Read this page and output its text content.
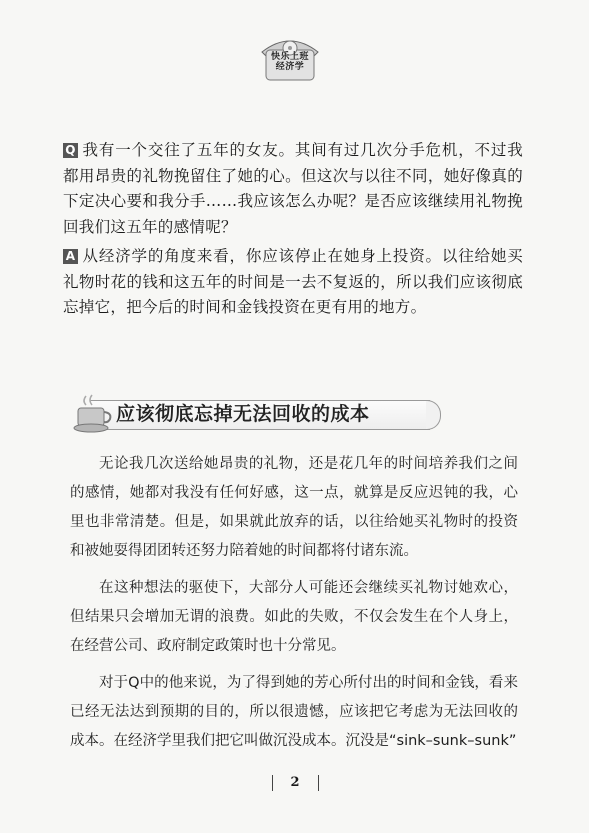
快乐上班
经济学

Q 我有一个交往了五年的女友。其间有过几次分手危机，不过我都用昂贵的礼物挽留住了她的心。但这次与以往不同，她好像真的下定决心要和我分手……我应该怎么办呢？是否应该继续用礼物挽回我们这五年的感情呢？

A 从经济学的角度来看，你应该停止在她身上投资。以往给她买礼物时花的钱和这五年的时间是一去不复返的，所以我们应该彻底忘掉它，把今后的时间和金钱投资在更有用的地方。

应该彻底忘掉无法回收的成本

无论我几次送给她昂贵的礼物，还是花几年的时间培养我们之间的感情，她都对我没有任何好感，这一点，就算是反应迟钝的我，心里也非常清楚。但是，如果就此放弃的话，以往给她买礼物时的投资和被她耍得团团转还努力陪着她的时间都将付诸东流。

在这种想法的驱使下，大部分人可能还会继续买礼物讨她欢心，但结果只会增加无谓的浪费。如此的失败，不仅会发生在个人身上，在经营公司、政府制定政策时也十分常见。

对于Q中的他来说，为了得到她的芳心所付出的时间和金钱，看来已经无法达到预期的目的，所以很遗憾，应该把它考虑为无法回收的成本。在经济学里我们把它叫做沉没成本。沉没是“sink–sunk–sunk”

2
